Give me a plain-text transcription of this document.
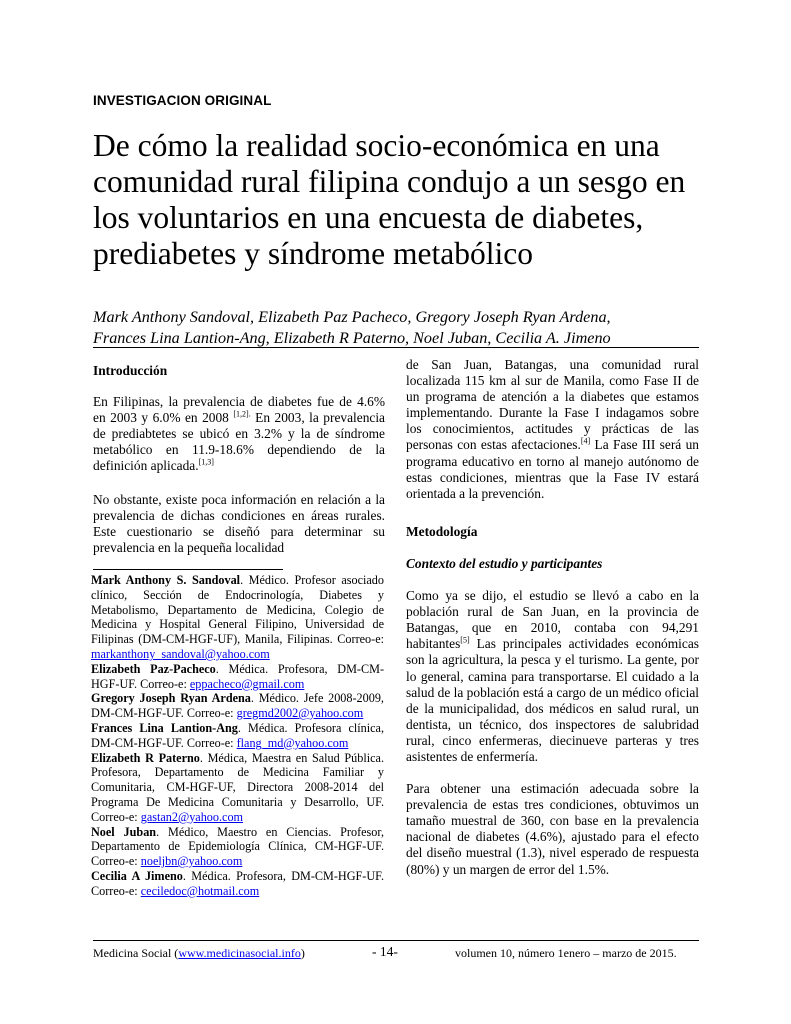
INVESTIGACION ORIGINAL
De cómo la realidad socio-económica en una comunidad rural filipina condujo a un sesgo en los voluntarios en una encuesta de diabetes, prediabetes y síndrome metabólico
Mark Anthony Sandoval, Elizabeth Paz Pacheco, Gregory Joseph Ryan Ardena,
Frances Lina Lantion-Ang, Elizabeth R Paterno, Noel Juban, Cecilia A. Jimeno

Introducción

En Filipinas, la prevalencia de diabetes fue de 4.6% en 2003 y 6.0% en 2008 $^{[1,2].}$ En 2003, la prevalencia de prediabtetes se ubicó en 3.2% y la de síndrome metabólico en 11.9-18.6% dependiendo de la definición aplicada.[1,3]

No obstante, existe poca información en relación a la prevalencia de dichas condiciones en áreas rurales. Este cuestionario se diseñó para determinar su prevalencia en la pequeña localidad

Mark Anthony S. Sandoval. Médico. Profesor asociado clínico, Sección de Endocrinología, Diabetes y Metabolismo, Departamento de Medicina, Colegio de Medicina y Hospital General Filipino, Universidad de Filipinas (DM-CM-HGF-UF), Manila, Filipinas. Correo-e: markanthony_sandoval@yahoo.com

Elizabeth Paz-Pacheco. Médica. Profesora, DM-CM-HGF-UF. Correo-e: eppacheco@gmail.com

Gregory Joseph Ryan Ardena. Médico. Jefe 2008-2009, DM-CM-HGF-UF. Correo-e: gregmd2002@yahoo.com

Frances Lina Lantion-Ang. Médica. Profesora clínica, DM-CM-HGF-UF. Correo-e: flang_md@yahoo.com

Elizabeth R Paterno. Médica, Maestra en Salud Pública. Profesora, Departamento de Medicina Familiar y Comunitaria, CM-HGF-UF, Directora 2008-2014 del Programa De Medicina Comunitaria y Desarrollo, UF. Correo-e: gastan2@yahoo.com

Noel Juban. Médico, Maestro en Ciencias. Profesor, Departamento de Epidemiología Clínica, CM-HGF-UF. Correo-e: noeljbn@yahoo.com

Cecilia A Jimeno. Médica. Profesora, DM-CM-HGF-UF. Correo-e: ceciledoc@hotmail.com

de San Juan, Batangas, una comunidad rural localizada 115 km al sur de Manila, como Fase II de un programa de atención a la diabetes que estamos implementando. Durante la Fase I indagamos sobre los conocimientos, actitudes y prácticas de las personas con estas afectaciones.[4] La Fase III será un programa educativo en torno al manejo autónomo de estas condiciones, mientras que la Fase IV estará orientada a la prevención.

Metodología

Contexto del estudio y participantes

Como ya se dijo, el estudio se llevó a cabo en la población rural de San Juan, en la provincia de Batangas, que en 2010, contaba con 94,291 habitantes[5] Las principales actividades económicas son la agricultura, la pesca y el turismo. La gente, por lo general, camina para transportarse. El cuidado a la salud de la población está a cargo de un médico oficial de la municipalidad, dos médicos en salud rural, un dentista, un técnico, dos inspectores de salubridad rural, cinco enfermeras, diecinueve parteras y tres asistentes de enfermería.

Para obtener una estimación adecuada sobre la prevalencia de estas tres condiciones, obtuvimos un tamaño muestral de 360, con base en la prevalencia nacional de diabetes (4.6%), ajustado para el efecto del diseño muestral (1.3), nivel esperado de respuesta (80%) y un margen de error del 1.5%.

Medicina Social (www.medicinasocial.info)	- 14-	volumen 10, número 1enero – marzo de 2015.
